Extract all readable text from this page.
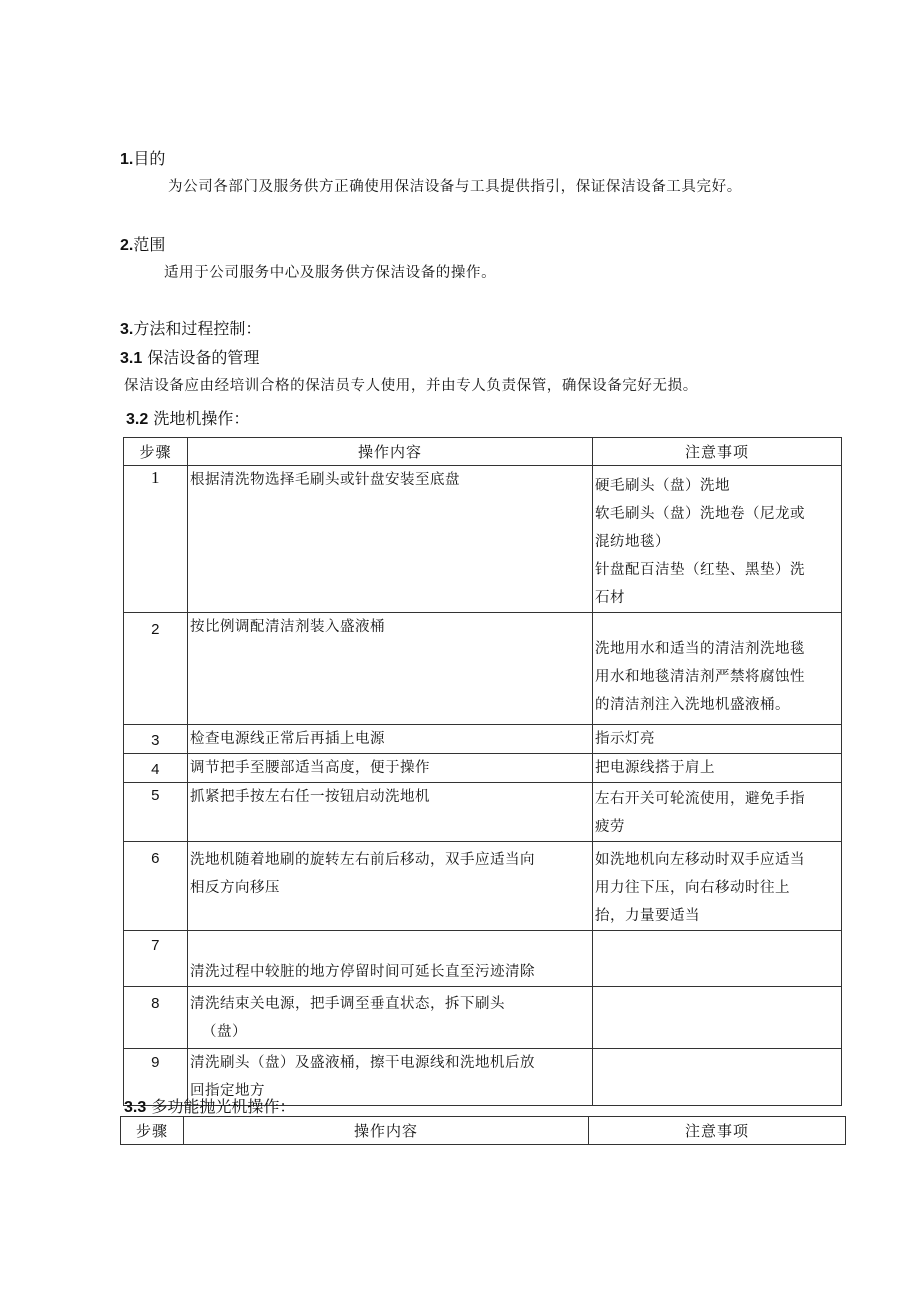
1.目的
为公司各部门及服务供方正确使用保洁设备与工具提供指引，保证保洁设备工具完好。
2.范围
适用于公司服务中心及服务供方保洁设备的操作。
3.方法和过程控制：
3.1 保洁设备的管理
保洁设备应由经培训合格的保洁员专人使用，并由专人负责保管，确保设备完好无损。
3.2 洗地机操作：
步骤	操作内容	注意事项
1	根据清洗物选择毛刷头或针盘安装至底盘	硬毛刷头（盘）洗地
软毛刷头（盘）洗地卷（尼龙或
混纺地毯）
针盘配百洁垫（红垫、黑垫）洗
石材

2	按比例调配清洁剂装入盛液桶	洗地用水和适当的清洁剂洗地毯
用水和地毯清洁剂严禁将腐蚀性
的清洁剂注入洗地机盛液桶。

3	检查电源线正常后再插上电源	指示灯亮

4	调节把手至腰部适当高度，便于操作	把电源线搭于肩上

5	抓紧把手按左右任一按钮启动洗地机	左右开关可轮流使用，避免手指
疲劳

6	洗地机随着地刷的旋转左右前后移动，双手应适当向
相反方向移压	如洗地机向左移动时双手应适当
用力往下压，向右移动时往上
抬，力量要适当

7	清洗过程中较脏的地方停留时间可延长直至污迹清除	

8	清洗结束关电源，把手调至垂直状态，拆下刷头
（盘）	

9	清洗刷头（盘）及盛液桶，擦干电源线和洗地机后放
回指定地方	

3.3 多功能抛光机操作：
步骤	操作内容	注意事项
